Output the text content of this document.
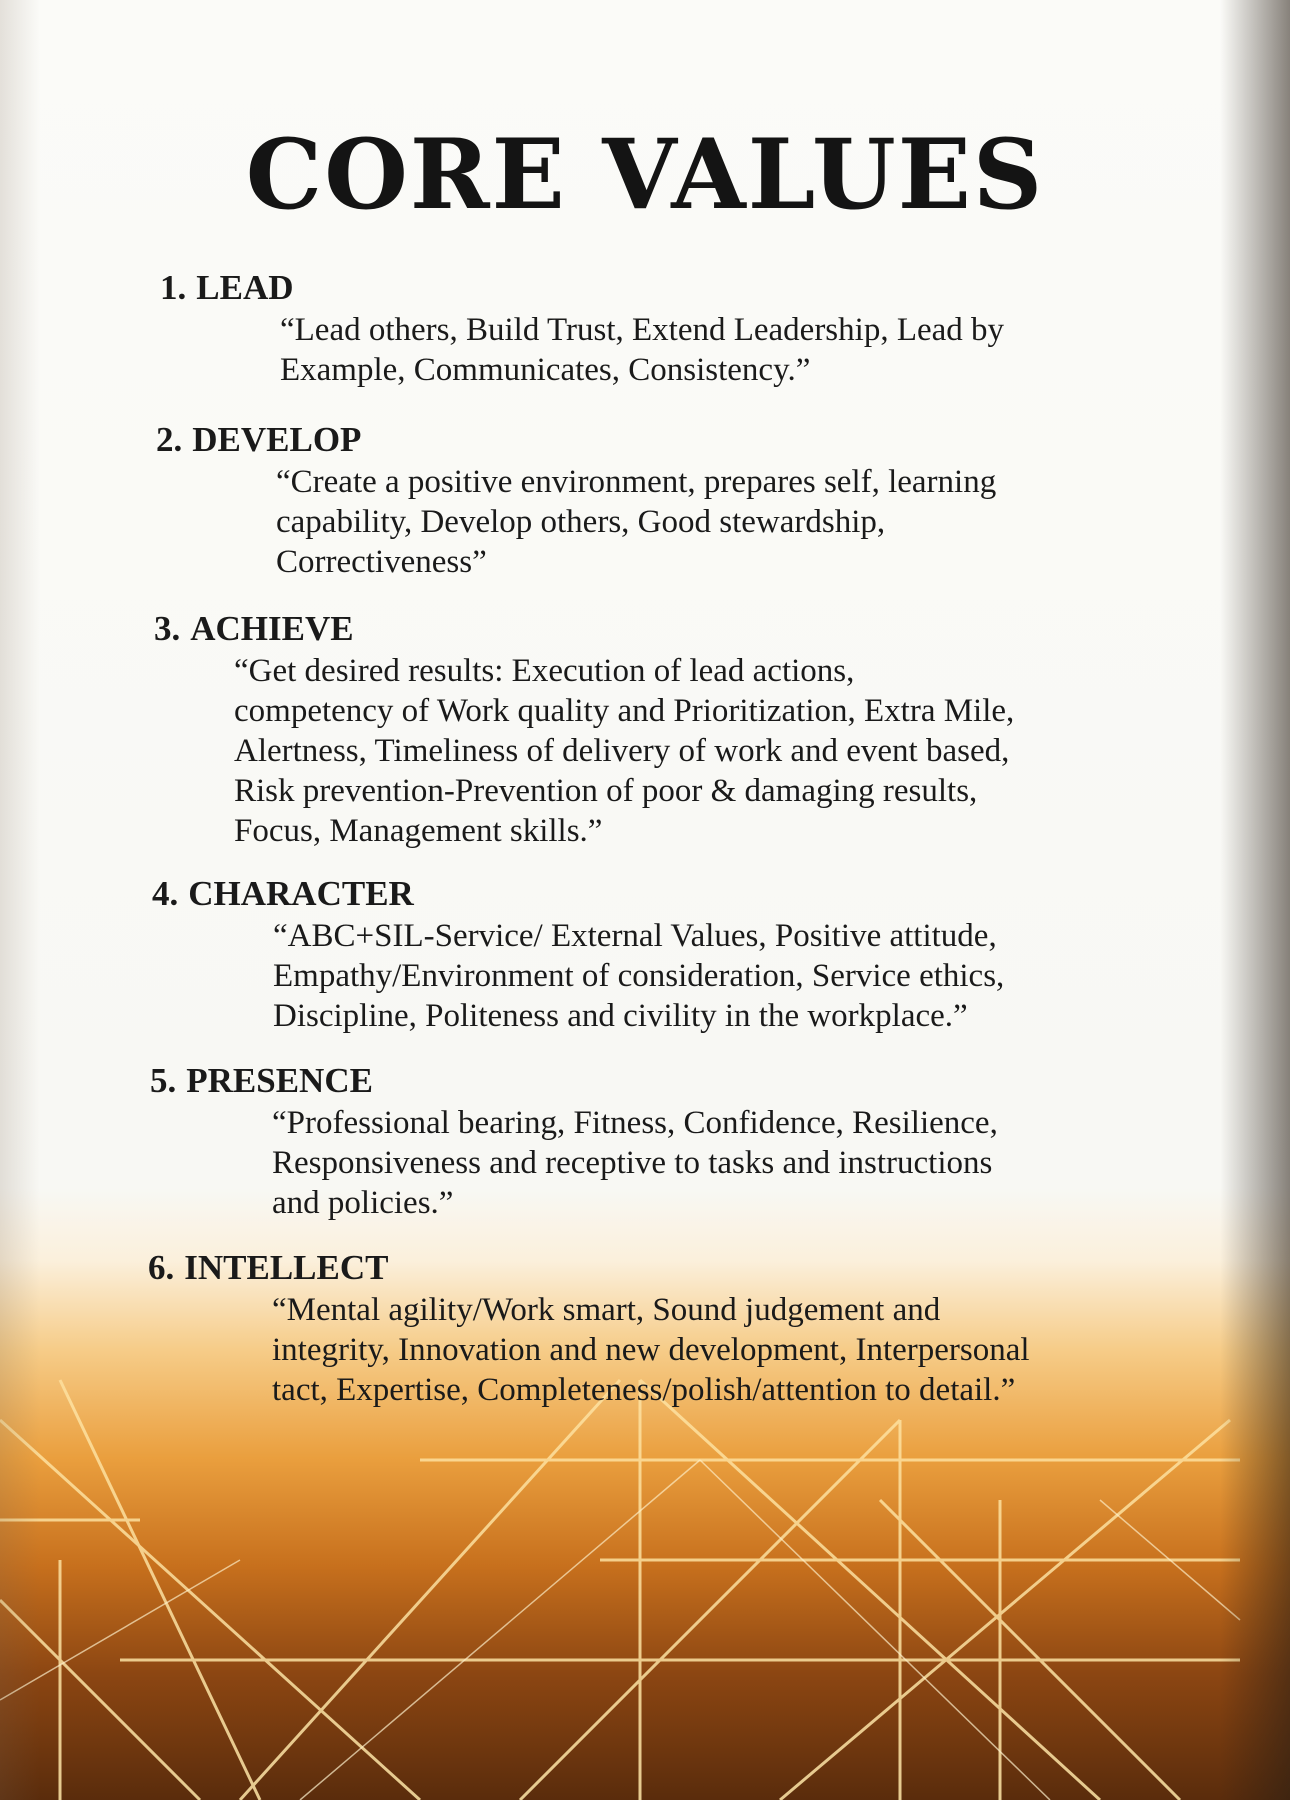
CORE VALUES
1. LEAD
“Lead others, Build Trust, Extend Leadership, Lead by
Example, Communicates, Consistency.”
2. DEVELOP
“Create a positive environment, prepares self, learning
capability, Develop others, Good stewardship,
Correctiveness”
3. ACHIEVE
“Get desired results: Execution of lead actions,
competency of Work quality and Prioritization, Extra Mile,
Alertness, Timeliness of delivery of work and event based,
Risk prevention-Prevention of poor & damaging results,
Focus, Management skills.”
4. CHARACTER
“ABC+SIL-Service/ External Values, Positive attitude,
Empathy/Environment of consideration, Service ethics,
Discipline, Politeness and civility in the workplace.”
5. PRESENCE
“Professional bearing, Fitness, Confidence, Resilience,
Responsiveness and receptive to tasks and instructions
and policies.”
6. INTELLECT
“Mental agility/Work smart, Sound judgement and
integrity, Innovation and new development, Interpersonal
tact, Expertise, Completeness/polish/attention to detail.”
